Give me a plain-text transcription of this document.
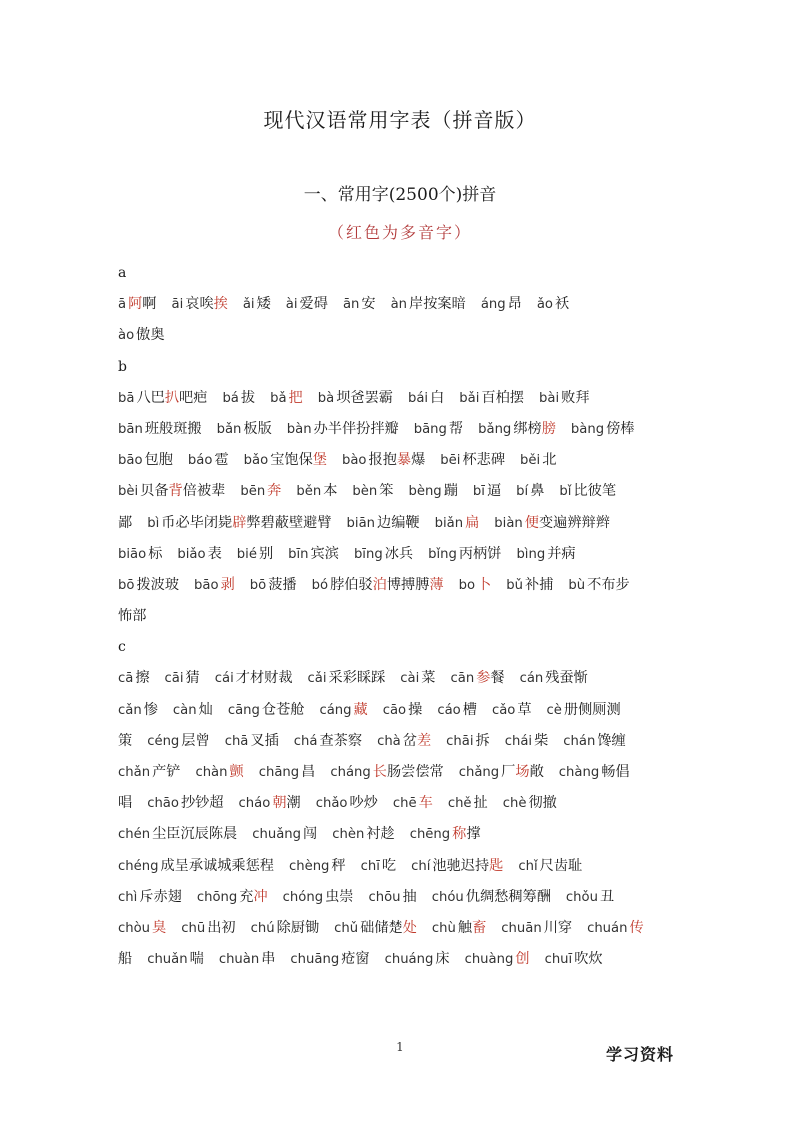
现代汉语常用字表（拼音版）
一、常用字(2500个)拼音
（红色为多音字）
a
ā 阿啊 āi 哀唉挨 ǎi 矮 ài 爱碍 ān 安 àn 岸按案暗 áng 昂 ǎo 袄
ào 傲奥
b
bā 八巴扒吧疤 bá 拔 bǎ 把 bà 坝爸罢霸 bái 白 bǎi 百柏摆 bài 败拜
bān 班般斑搬 bǎn 板版 bàn 办半伴扮拌瓣 bāng 帮 bǎng 绑榜膀 bàng 傍棒
bāo 包胞 báo 雹 bǎo 宝饱保堡 bào 报抱暴爆 bēi 杯悲碑 běi 北
bèi 贝备背倍被辈 bēn 奔 běn 本 bèn 笨 bèng 蹦 bī 逼 bí 鼻 bǐ 比彼笔
鄙 bì 币必毕闭毙辟弊碧蔽壁避臂 biān 边编鞭 biǎn 扁 biàn 便变遍辨辩辫
biāo 标 biǎo 表 bié 别 bīn 宾滨 bīng 冰兵 bǐng 丙柄饼 bìng 并病
bō 拨波玻 bāo 剥 bō 菠播 bó 脖伯驳泊博搏膊薄 bo 卜 bǔ 补捕 bù 不布步
怖部
c
cā 擦 cāi 猜 cái 才材财裁 cǎi 采彩睬踩 cài 菜 cān 参餐 cán 残蚕惭
cǎn 惨 càn 灿 cāng 仓苍舱 cáng 藏 cāo 操 cáo 槽 cǎo 草 cè 册侧厕测
策 céng 层曾 chā 叉插 chá 查茶察 chà 岔差 chāi 拆 chái 柴 chán 馋缠
chǎn 产铲 chàn 颤 chāng 昌 cháng 长肠尝偿常 chǎng 厂场敞 chàng 畅倡
唱 chāo 抄钞超 cháo 朝潮 chǎo 吵炒 chē 车 chě 扯 chè 彻撤
chén 尘臣沉辰陈晨 chuǎng 闯 chèn 衬趁 chēng 称撑
chéng 成呈承诚城乘惩程 chèng 秤 chī 吃 chí 池驰迟持匙 chǐ 尺齿耻
chì 斥赤翅 chōng 充冲 chóng 虫崇 chōu 抽 chóu 仇绸愁稠筹酬 chǒu 丑
chòu 臭 chū 出初 chú 除厨锄 chǔ 础储楚处 chù 触畜 chuān 川穿 chuán 传
船 chuǎn 喘 chuàn 串 chuāng 疮窗 chuáng 床 chuàng 创 chuī 吹炊
1	学习资料
